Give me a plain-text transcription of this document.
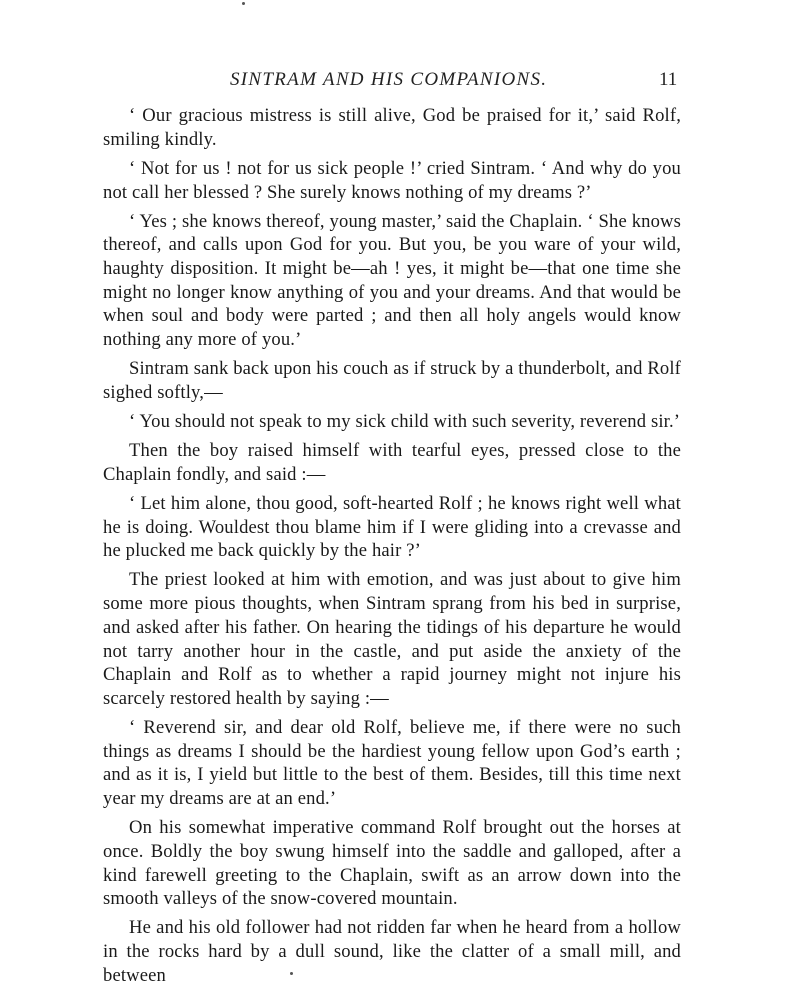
SINTRAM AND HIS COMPANIONS.	11

‘ Our gracious mistress is still alive, God be praised for it,’ said Rolf, smiling kindly.

‘ Not for us ! not for us sick people !’ cried Sintram. ‘ And why do you not call her blessed ? She surely knows nothing of my dreams ?’

‘ Yes ; she knows thereof, young master,’ said the Chaplain. ‘ She knows thereof, and calls upon God for you. But you, be you ware of your wild, haughty disposition. It might be—ah ! yes, it might be—that one time she might no longer know anything of you and your dreams. And that would be when soul and body were parted ; and then all holy angels would know nothing any more of you.’

Sintram sank back upon his couch as if struck by a thunderbolt, and Rolf sighed softly,—

‘ You should not speak to my sick child with such severity, reverend sir.’

Then the boy raised himself with tearful eyes, pressed close to the Chaplain fondly, and said :—

‘ Let him alone, thou good, soft-hearted Rolf ; he knows right well what he is doing. Wouldest thou blame him if I were gliding into a crevasse and he plucked me back quickly by the hair ?’

The priest looked at him with emotion, and was just about to give him some more pious thoughts, when Sintram sprang from his bed in surprise, and asked after his father. On hearing the tidings of his departure he would not tarry another hour in the castle, and put aside the anxiety of the Chaplain and Rolf as to whether a rapid journey might not injure his scarcely restored health by saying :—

‘ Reverend sir, and dear old Rolf, believe me, if there were no such things as dreams I should be the hardiest young fellow upon God’s earth ; and as it is, I yield but little to the best of them. Besides, till this time next year my dreams are at an end.’

On his somewhat imperative command Rolf brought out the horses at once. Boldly the boy swung himself into the saddle and galloped, after a kind farewell greeting to the Chaplain, swift as an arrow down into the smooth valleys of the snow-covered mountain.

He and his old follower had not ridden far when he heard from a hollow in the rocks hard by a dull sound, like the clatter of a small mill, and between
